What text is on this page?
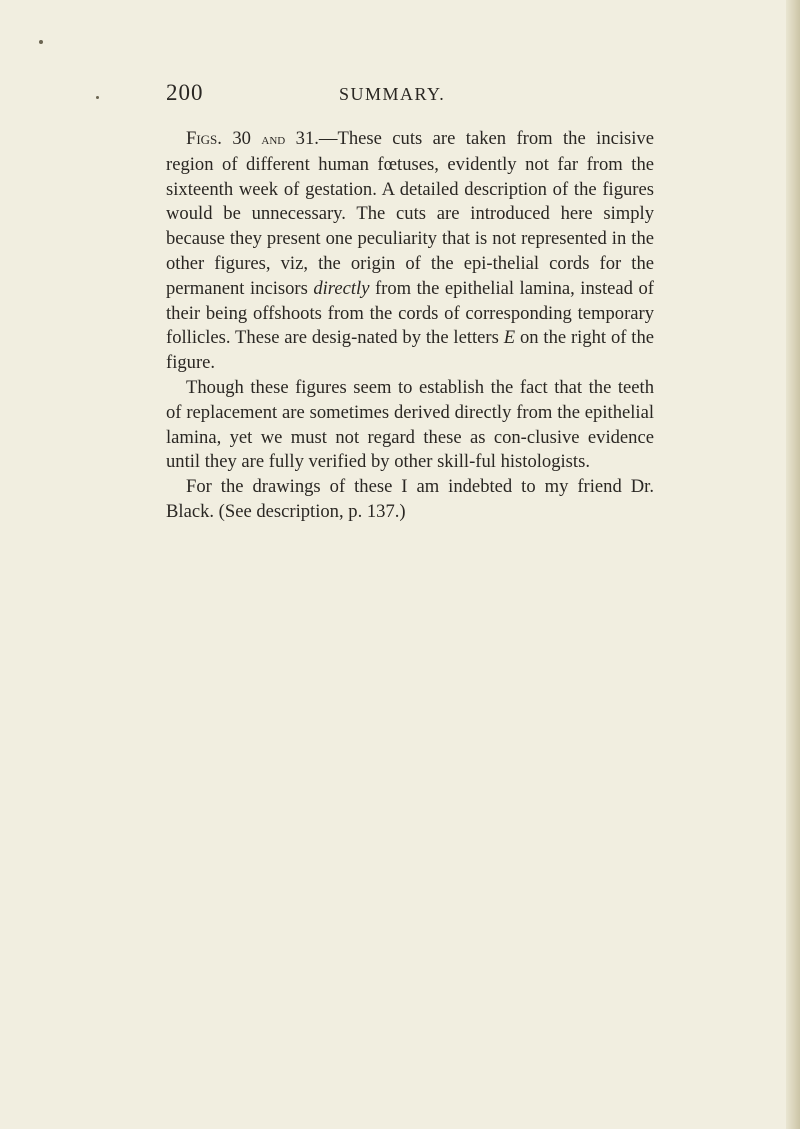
200	SUMMARY.

Figs. 30 and 31.—These cuts are taken from the incisive region of different human fœtuses, evidently not far from the sixteenth week of gestation. A detailed description of the figures would be unnecessary. The cuts are introduced here simply because they present one peculiarity that is not represented in the other figures, viz, the origin of the epi-thelial cords for the permanent incisors directly from the epithelial lamina, instead of their being offshoots from the cords of corresponding temporary follicles. These are desig-nated by the letters E on the right of the figure.

Though these figures seem to establish the fact that the teeth of replacement are sometimes derived directly from the epithelial lamina, yet we must not regard these as con-clusive evidence until they are fully verified by other skill-ful histologists.

For the drawings of these I am indebted to my friend Dr. Black. (See description, p. 137.)
